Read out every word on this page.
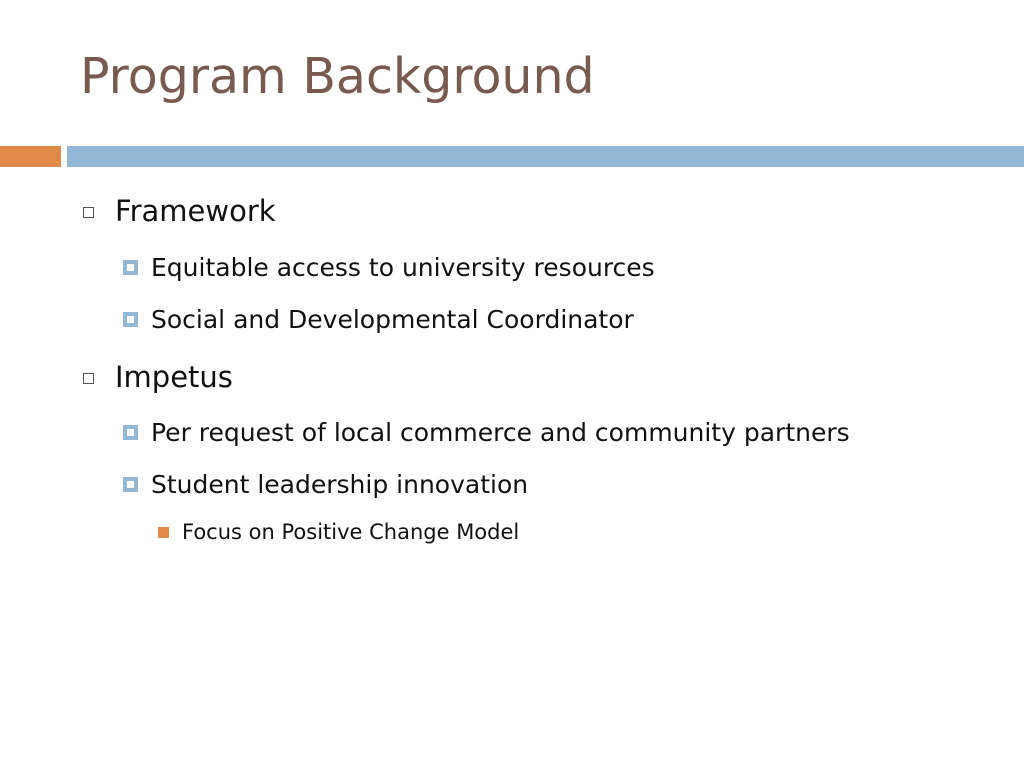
Program Background
Framework
Equitable access to university resources
Social and Developmental Coordinator
Impetus
Per request of local commerce and community partners
Student leadership innovation
Focus on Positive Change Model
